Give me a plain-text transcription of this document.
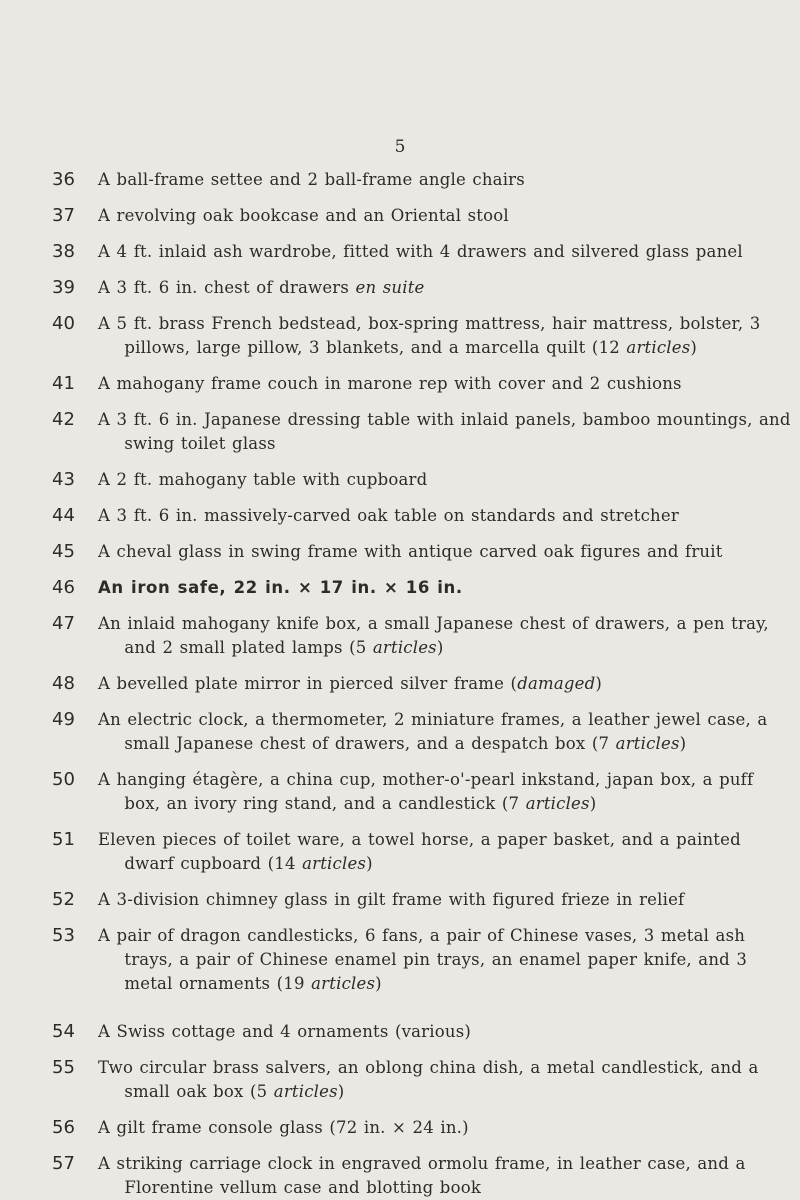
5
36	A ball-frame settee and 2 ball-frame angle chairs
37	A revolving oak bookcase and an Oriental stool
38	A 4 ft. inlaid ash wardrobe, fitted with 4 drawers and silvered glass panel
39	A 3 ft. 6 in. chest of drawers en suite
40	A 5 ft. brass French bedstead, box-spring mattress, hair mattress, bolster, 3 pillows, large pillow, 3 blankets, and a marcella quilt (12 articles)
41	A mahogany frame couch in marone rep with cover and 2 cushions
42	A 3 ft. 6 in. Japanese dressing table with inlaid panels, bamboo mountings, and swing toilet glass
43	A 2 ft. mahogany table with cupboard
44	A 3 ft. 6 in. massively-carved oak table on standards and stretcher
45	A cheval glass in swing frame with antique carved oak figures and fruit
46	An iron safe, 22 in. × 17 in. × 16 in.
47	An inlaid mahogany knife box, a small Japanese chest of drawers, a pen tray, and 2 small plated lamps (5 articles)
48	A bevelled plate mirror in pierced silver frame (damaged)
49	An electric clock, a thermometer, 2 miniature frames, a leather jewel case, a small Japanese chest of drawers, and a despatch box (7 articles)
50	A hanging étagère, a china cup, mother-o'-pearl inkstand, japan box, a puff box, an ivory ring stand, and a candlestick (7 articles)
51	Eleven pieces of toilet ware, a towel horse, a paper basket, and a painted dwarf cupboard (14 articles)
52	A 3-division chimney glass in gilt frame with figured frieze in relief
53	A pair of dragon candlesticks, 6 fans, a pair of Chinese vases, 3 metal ash trays, a pair of Chinese enamel pin trays, an enamel paper knife, and 3 metal ornaments (19 articles)
54	A Swiss cottage and 4 ornaments (various)
55	Two circular brass salvers, an oblong china dish, a metal candlestick, and a small oak box (5 articles)
56	A gilt frame console glass (72 in. × 24 in.)
57	A striking carriage clock in engraved ormolu frame, in leather case, and a Florentine vellum case and blotting book
